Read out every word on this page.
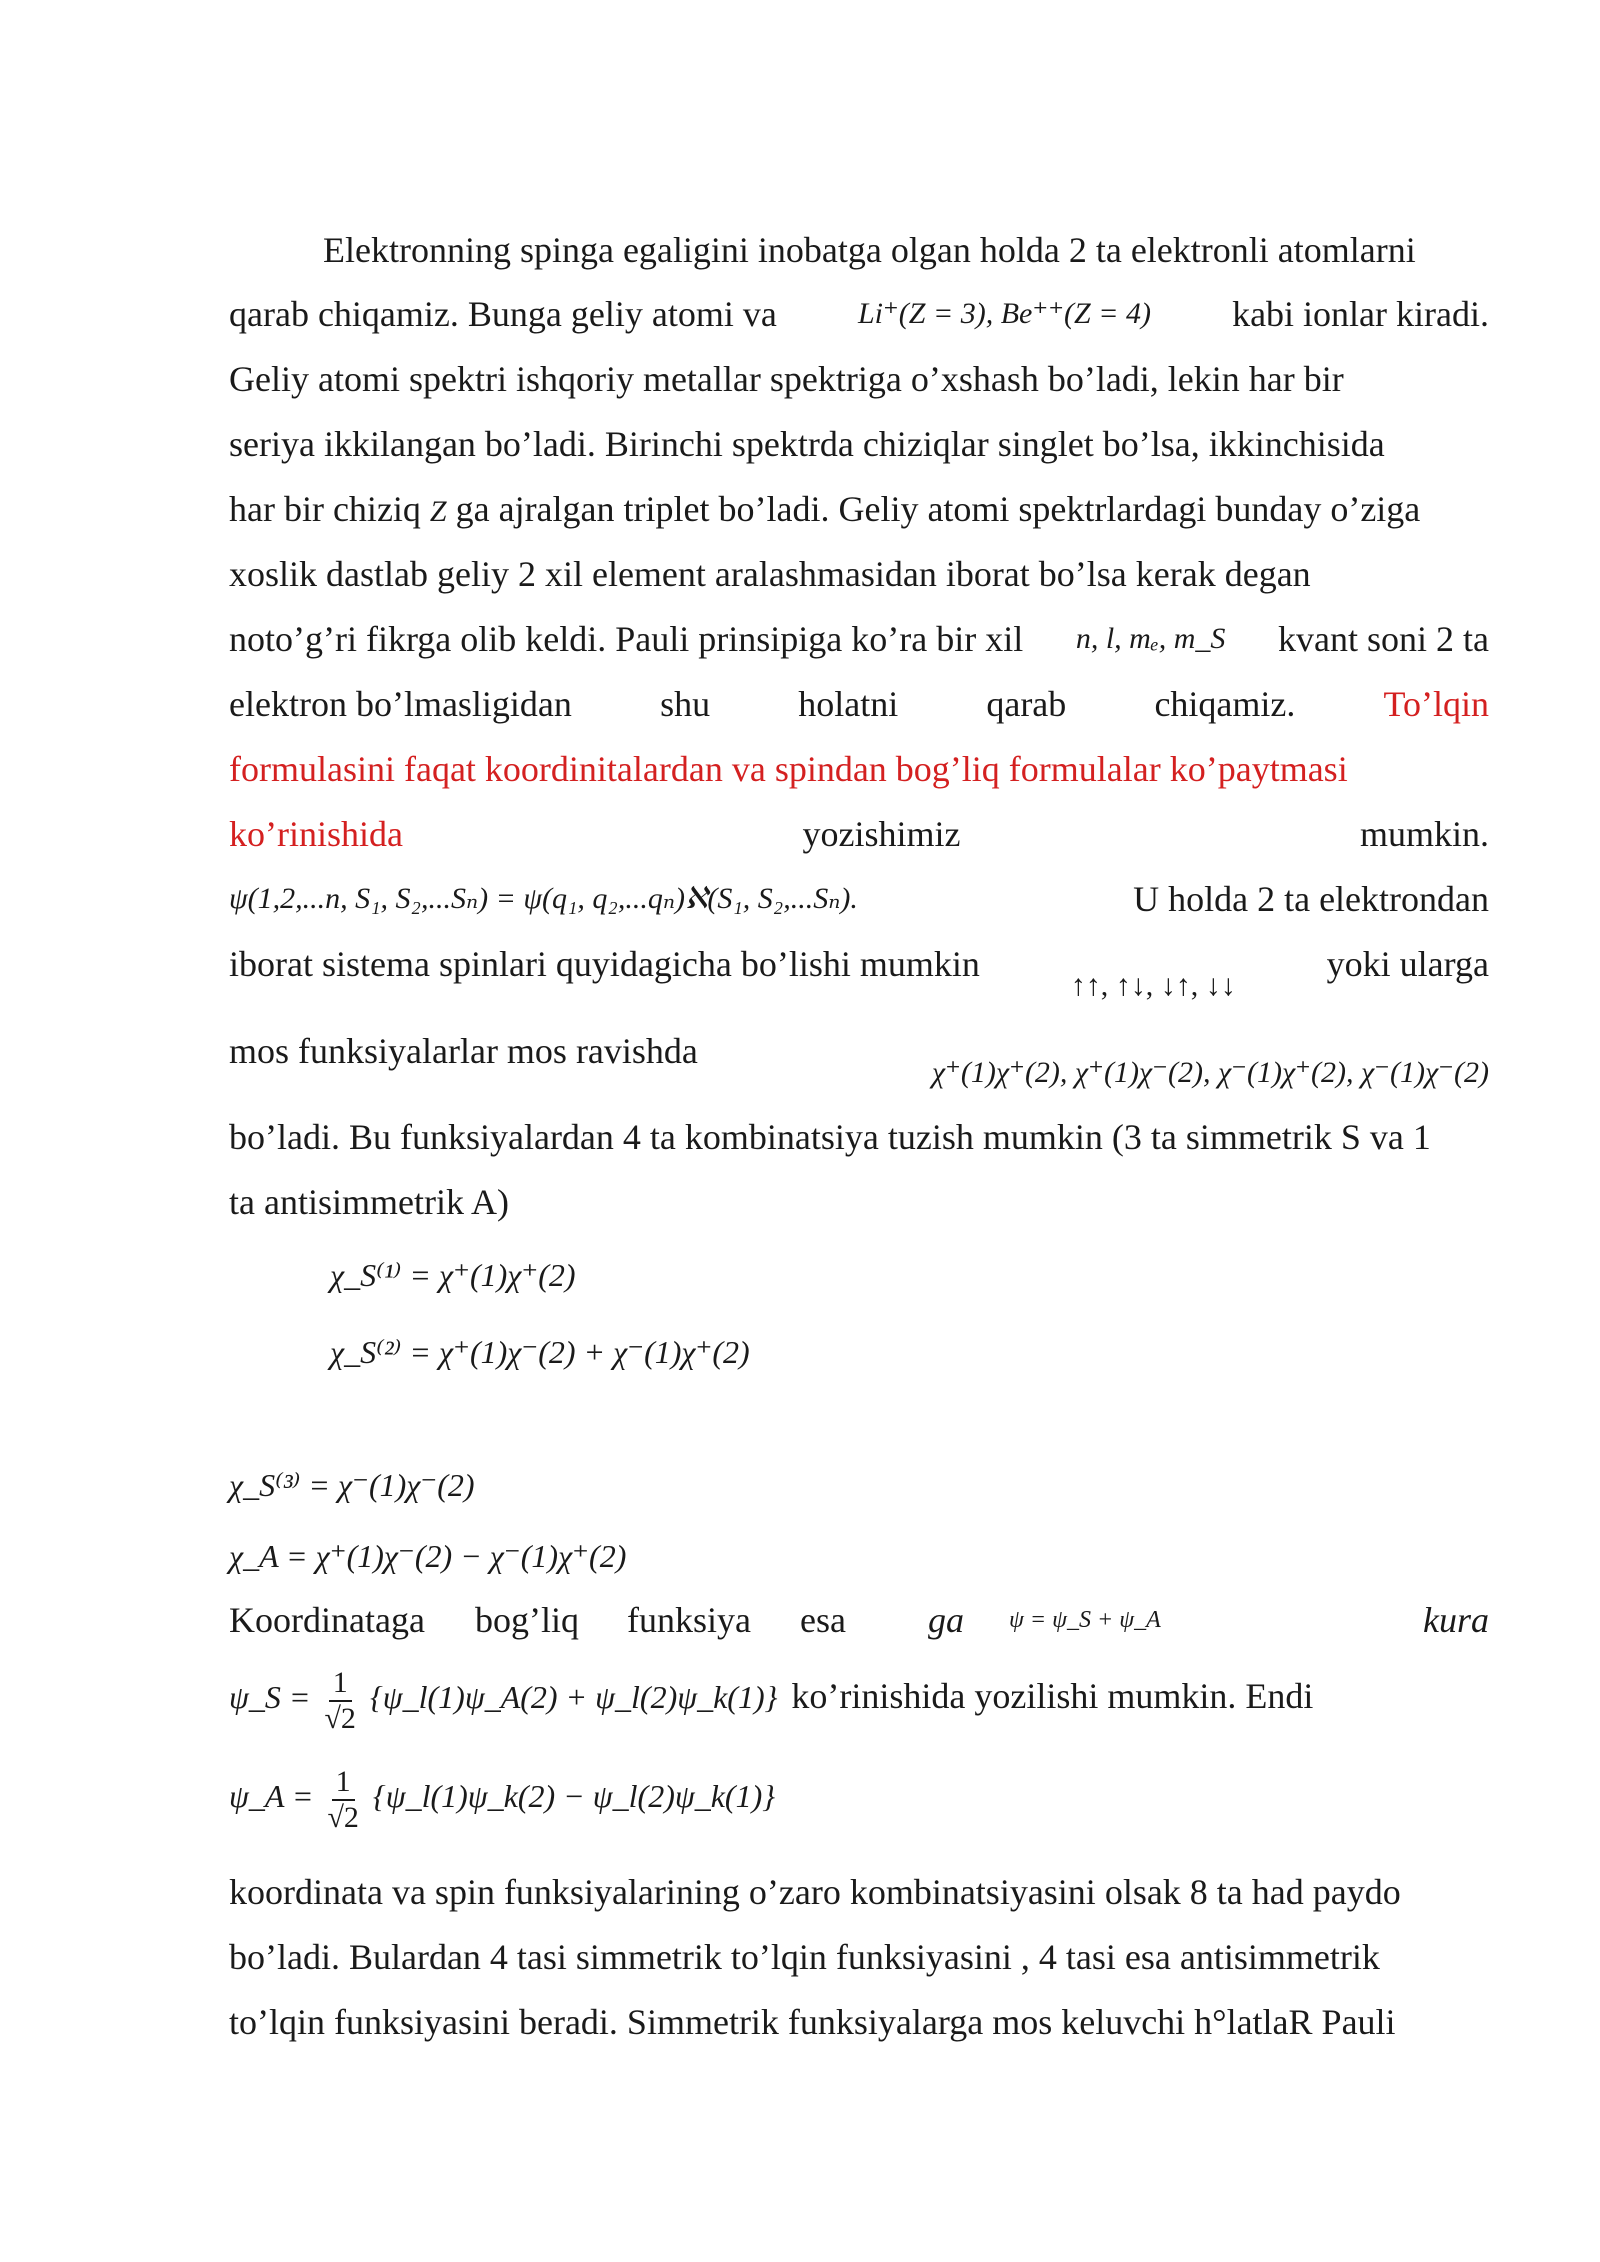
Elektronning spinga egaligini inobatga olgan holda 2 ta elektronli atomlarni
qarab chiqamiz. Bunga geliy atomi va	Li⁺(Z = 3), Be⁺⁺(Z = 4) kabi ionlar kiradi.
Geliy atomi spektri ishqoriy metallar spektriga o’xshash bo’ladi, lekin har bir
seriya ikkilangan bo’ladi. Birinchi spektrda chiziqlar singlet bo’lsa, ikkinchisida
har bir chiziq Z ga ajralgan triplet bo’ladi. Geliy atomi spektrlardagi bunday o’ziga
xoslik dastlab geliy 2 xil element aralashmasidan iborat bo’lsa kerak degan
noto’g’ri fikrga olib keldi. Pauli prinsipiga ko’ra bir xil n, l, mₑ, m_S kvant soni 2 ta
elektron bo’lmasligidan shu holatni qarab chiqamiz. To’lqin
formulasini faqat koordinitalardan va spindan bog’liq formulalar ko’paytmasi
ko’rinishida	yozishimiz	mumkin.
ψ(1,2,...n, S₁, S₂,...Sₙ) = ψ(q₁, q₂,...qₙ)ℵ(S₁, S₂,...Sₙ).	U holda 2 ta elektrondan
iborat sistema spinlari quyidagicha bo’lishi mumkin
↑↑, ↑↓, ↓↑, ↓↓
yoki ularga
mos funksiyalarlar mos ravishda
χ⁺(1)χ⁺(2), χ⁺(1)χ⁻(2), χ⁻(1)χ⁺(2), χ⁻(1)χ⁻(2)
bo’ladi. Bu funksiyalardan 4 ta kombinatsiya tuzish mumkin (3 ta simmetrik S va 1
ta antisimmetrik A)
χ_S⁽¹⁾ = χ⁺(1)χ⁺(2)
χ_S⁽²⁾ = χ⁺(1)χ⁻(2) + χ⁻(1)χ⁺(2)
χ_S⁽³⁾ = χ⁻(1)χ⁻(2)
χ_A = χ⁺(1)χ⁻(2) − χ⁻(1)χ⁺(2)
Koordinataga bog’liq funksiya esa ga ψ = ψ_S + ψ_A	kura
ψ_S = $\frac{1}{√2}$ {ψ_l(1)ψ_A(2) + ψ_l(2)ψ_k(1)} ko’rinishida yozilishi mumkin. Endi
ψ_A = $\frac{1}{√2}$ {ψ_l(1)ψ_k(2) − ψ_l(2)ψ_k(1)}
koordinata va spin funksiyalarining o’zaro kombinatsiyasini olsak 8 ta had paydo
bo’ladi. Bulardan 4 tasi simmetrik to’lqin funksiyasini , 4 tasi esa antisimmetrik
to’lqin funksiyasini beradi. Simmetrik funksiyalarga mos keluvchi h°latlaR Pauli
